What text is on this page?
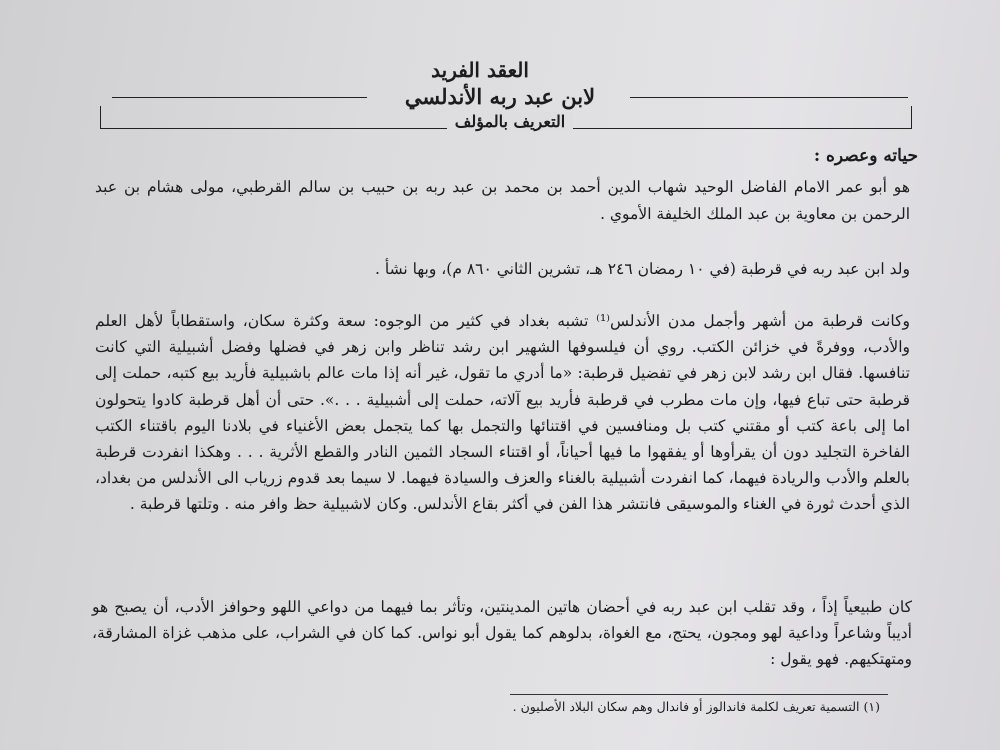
العقد الفريد
لابن عبد ربه الأندلسي
التعريف بالمؤلف
حياته وعصره :
هو أبو عمر الامام الفاضل الوحيد شهاب الدين أحمد بن محمد بن عبد ربه بن حبيب بن سالم القرطبي، مولى هشام بن عبد الرحمن بن معاوية بن عبد الملك الخليفة الأموي .
ولد ابن عبد ربه في قرطبة (في ١٠ رمضان ٢٤٦ هـ، تشرين الثاني ٨٦٠ م)، وبها نشأ .
وكانت قرطبة من أشهر وأجمل مدن الأندلس⁽¹⁾ تشبه بغداد في كثير من الوجوه: سعة وكثرة سكان، واستقطاباً لأهل العلم والأدب، ووفرةً في خزائن الكتب. روي أن فيلسوفها الشهير ابن رشد تناظر وابن زهر في فضلها وفضل أشبيلية التي كانت تنافسها. فقال ابن رشد لابن زهر في تفضيل قرطبة: «ما أدري ما تقول، غير أنه إذا مات عالم باشبيلية فأريد بيع كتبه، حملت إلى قرطبة حتى تباع فيها، وإن مات مطرب في قرطبة فأريد بيع آلاته، حملت إلى أشبيلية . . .». حتى أن أهل قرطبة كادوا يتحولون اما إلى باعة كتب أو مقتني كتب بل ومنافسين في اقتنائها والتجمل بها كما يتجمل بعض الأغنياء في بلادنا اليوم باقتناء الكتب الفاخرة التجليد دون أن يقرأوها أو يفقهوا ما فيها أحياناً، أو اقتناء السجاد الثمين النادر والقطع الأثرية . . . وهكذا انفردت قرطبة بالعلم والأدب والريادة فيهما، كما انفردت أشبيلية بالغناء والعزف والسيادة فيهما. لا سيما بعد قدوم زرياب الى الأندلس من بغداد، الذي أحدث ثورة في الغناء والموسيقى فانتشر هذا الفن في أكثر بقاع الأندلس. وكان لاشبيلية حظ وافر منه . وتلتها قرطبة .
كان طبيعياً إذاً ، وقد تقلب ابن عبد ربه في أحضان هاتين المدينتين، وتأثر بما فيهما من دواعي اللهو وحوافز الأدب، أن يصبح هو أديباً وشاعراً وداعية لهو ومجون، يحتج، مع الغواة، بدلوهم كما يقول أبو نواس. كما كان في الشراب، على مذهب غزاة المشارقة، ومتهتكيهم. فهو يقول :
(١) التسمية تعريف لكلمة فاندالوز أو فاندال وهم سكان البلاد الأصليون .
